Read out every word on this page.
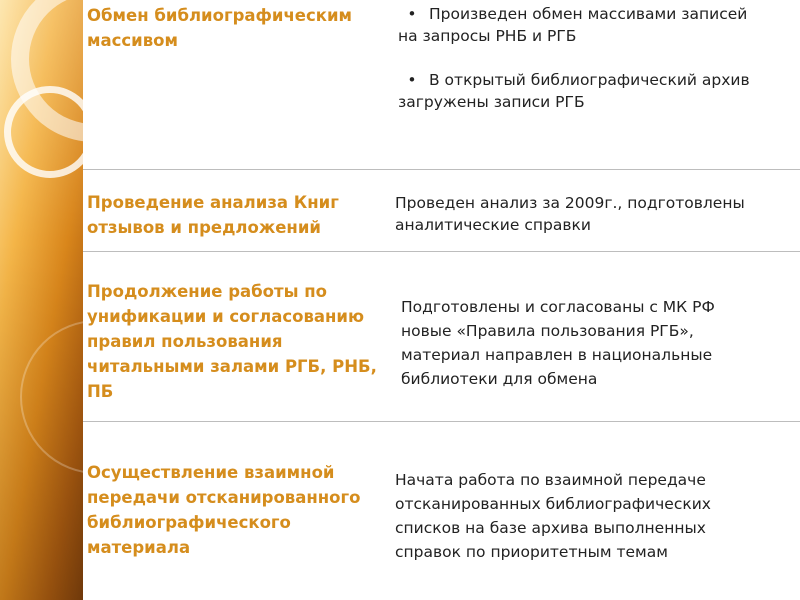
Обмен библиографическим
массивом
• Произведен обмен массивами записей
на запросы РНБ и РГБ
• В открытый библиографический архив
загружены записи РГБ
Проведение анализа Книг
отзывов и предложений
Проведен анализ за 2009г., подготовлены
аналитические справки
Продолжение работы по
унификации и согласованию
правил пользования
читальными залами РГБ, РНБ,
ПБ
Подготовлены и согласованы с МК РФ
новые «Правила пользования РГБ»,
материал направлен в национальные
библиотеки для обмена
Осуществление взаимной
передачи отсканированного
библиографического
материала
Начата работа по взаимной передаче
отсканированных библиографических
списков на базе архива выполненных
справок по приоритетным темам
